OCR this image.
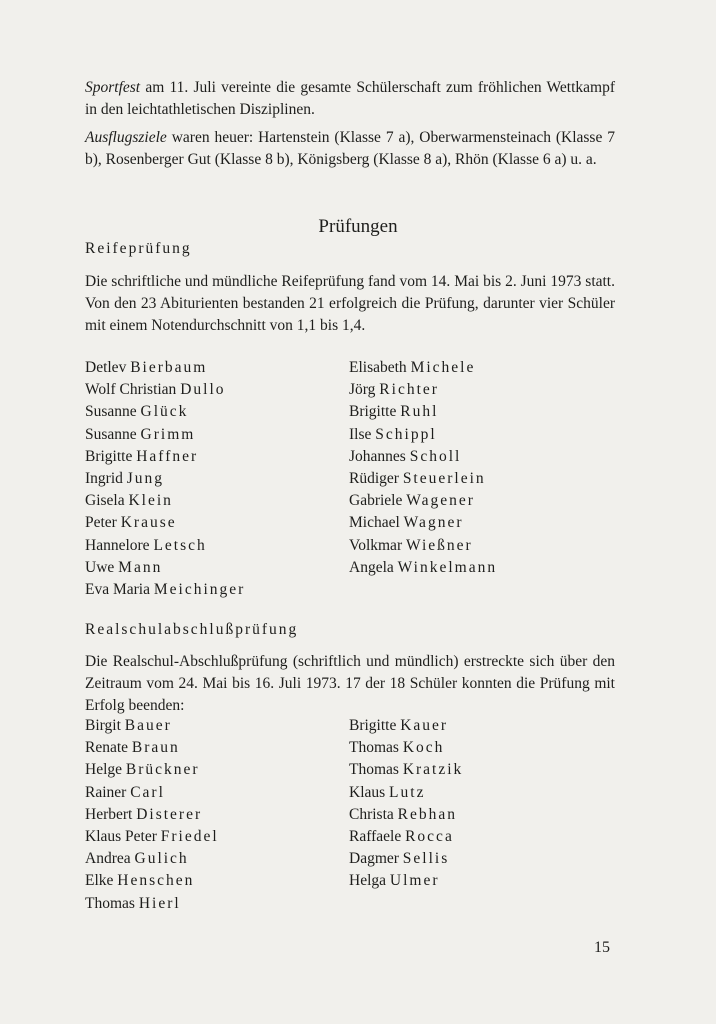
Sportfest am 11. Juli vereinte die gesamte Schülerschaft zum fröhlichen Wettkampf in den leichtathletischen Disziplinen.
Ausflugsziele waren heuer: Hartenstein (Klasse 7 a), Oberwarmensteinach (Klasse 7 b), Rosenberger Gut (Klasse 8 b), Königsberg (Klasse 8 a), Rhön (Klasse 6 a) u. a.
Prüfungen
Reifeprüfung
Die schriftliche und mündliche Reifeprüfung fand vom 14. Mai bis 2. Juni 1973 statt. Von den 23 Abiturienten bestanden 21 erfolgreich die Prüfung, darunter vier Schüler mit einem Notendurchschnitt von 1,1 bis 1,4.
Detlev Bierbaum
Wolf Christian Dullo
Susanne Glück
Susanne Grimm
Brigitte Haffner
Ingrid Jung
Gisela Klein
Peter Krause
Hannelore Letsch
Uwe Mann
Eva Maria Meichinger
Elisabeth Michele
Jörg Richter
Brigitte Ruhl
Ilse Schippl
Johannes Scholl
Rüdiger Steuerlein
Gabriele Wagener
Michael Wagner
Volkmar Wießner
Angela Winkelmann
Realschulabschlußprüfung
Die Realschul-Abschlußprüfung (schriftlich und mündlich) erstreckte sich über den Zeitraum vom 24. Mai bis 16. Juli 1973. 17 der 18 Schüler konnten die Prüfung mit Erfolg beenden:
Birgit Bauer
Renate Braun
Helge Brückner
Rainer Carl
Herbert Disterer
Klaus Peter Friedel
Andrea Gulich
Elke Henschen
Thomas Hierl
Brigitte Kauer
Thomas Koch
Thomas Kratzik
Klaus Lutz
Christa Rebhan
Raffaele Rocca
Dagmer Sellis
Helga Ulmer
15
